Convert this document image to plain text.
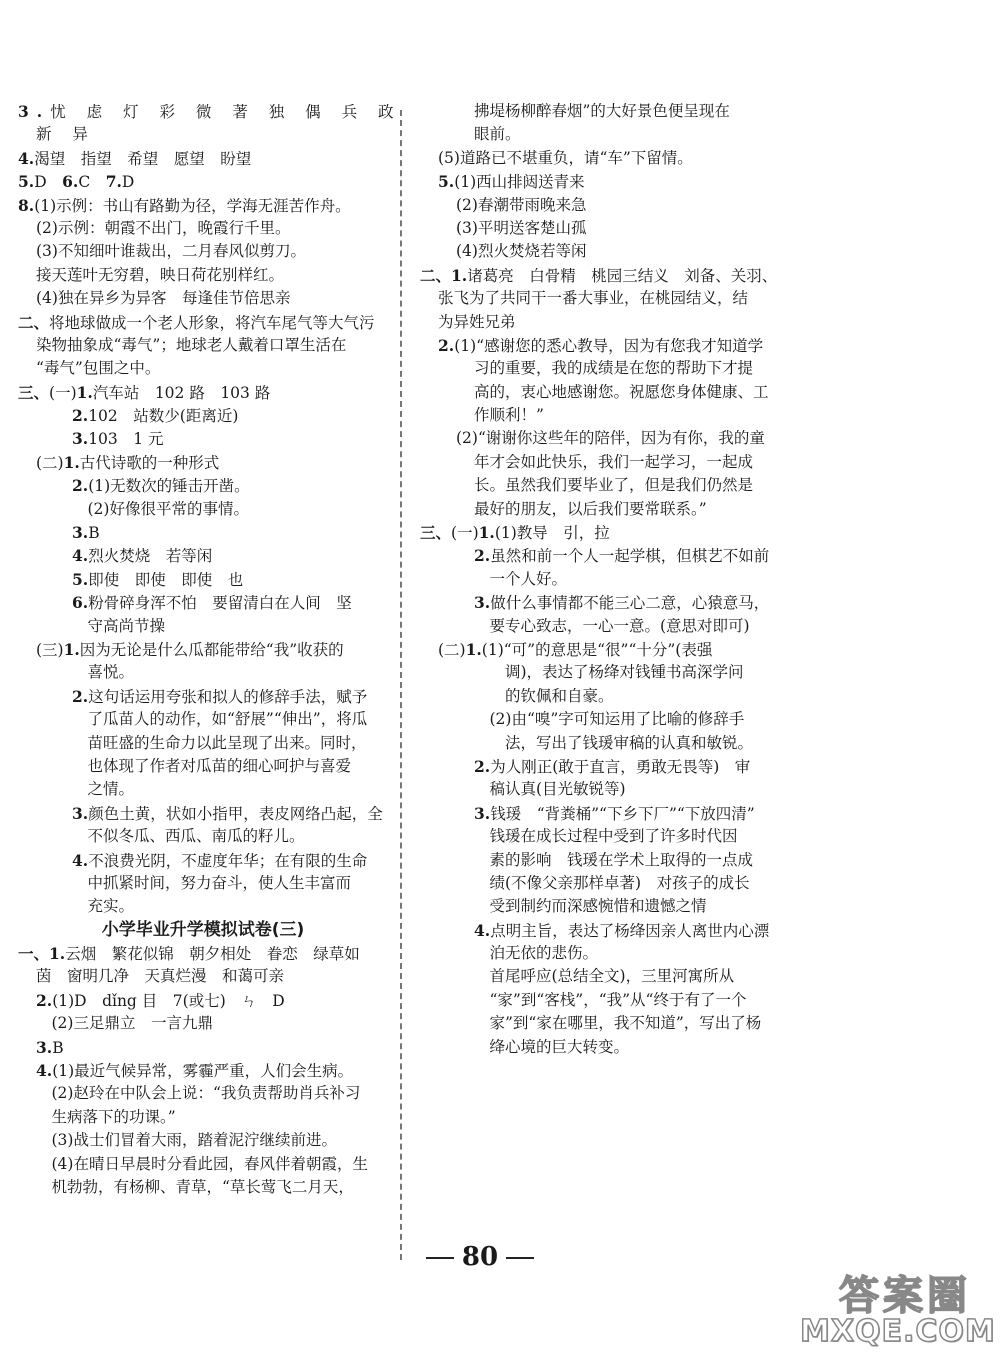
3.忧 虑 灯 彩 微 著 独 偶 兵 政
新 异
4.渴望　指望　希望　愿望　盼望
5.D　6.C　7.D
8.(1)示例：书山有路勤为径，学海无涯苦作舟。
(2)示例：朝霞不出门，晚霞行千里。
(3)不知细叶谁裁出，二月春风似剪刀。
接天莲叶无穷碧，映日荷花别样红。
(4)独在异乡为异客　每逢佳节倍思亲
二、将地球做成一个老人形象，将汽车尾气等大气污
染物抽象成“毒气”；地球老人戴着口罩生活在
“毒气”包围之中。
三、(一)1.汽车站　102 路　103 路
2.102　站数少(距离近)
3.103　1 元
(二)1.古代诗歌的一种形式
2.(1)无数次的锤击开凿。
　(2)好像很平常的事情。
3.B
4.烈火焚烧　若等闲
5.即使　即使　即使　也
6.粉骨碎身浑不怕　要留清白在人间　坚
　守高尚节操
(三)1.因为无论是什么瓜都能带给“我”收获的
　喜悦。
2.这句话运用夸张和拟人的修辞手法，赋予
　了瓜苗人的动作，如“舒展”“伸出”，将瓜
　苗旺盛的生命力以此呈现了出来。同时，
　也体现了作者对瓜苗的细心呵护与喜爱
　之情。
3.颜色土黄，状如小指甲，表皮网络凸起，全
　不似冬瓜、西瓜、南瓜的籽儿。
4.不浪费光阴，不虚度年华；在有限的生命
　中抓紧时间，努力奋斗，使人生丰富而
　充实。
小学毕业升学模拟试卷(三)
一、1.云烟　繁花似锦　朝夕相处　眷恋　绿草如
茵　窗明几净　天真烂漫　和蔼可亲
2.(1)D　dǐng 目　7(或七)　ㄣ　D
　(2)三足鼎立　一言九鼎
3.B
4.(1)最近气候异常，雾霾严重，人们会生病。
　(2)赵玲在中队会上说：“我负责帮助肖兵补习
　生病落下的功课。”
　(3)战士们冒着大雨，踏着泥泞继续前进。
　(4)在晴日早晨时分看此园，春风伴着朝霞，生
　机勃勃，有杨柳、青草，“草长莺飞二月天，
拂堤杨柳醉春烟”的大好景色便呈现在
眼前。
(5)道路已不堪重负，请“车”下留情。
5.(1)西山排闼送青来
(2)春潮带雨晚来急
(3)平明送客楚山孤
(4)烈火焚烧若等闲
二、1.诸葛亮　白骨精　桃园三结义　刘备、关羽、
张飞为了共同干一番大事业，在桃园结义，结
为异姓兄弟
2.(1)“感谢您的悉心教导，因为有您我才知道学
习的重要，我的成绩是在您的帮助下才提
高的，衷心地感谢您。祝愿您身体健康、工
作顺利！”
(2)“谢谢你这些年的陪伴，因为有你，我的童
年才会如此快乐，我们一起学习，一起成
长。虽然我们要毕业了，但是我们仍然是
最好的朋友，以后我们要常联系。”
三、(一)1.(1)教导　引，拉
2.虽然和前一个人一起学棋，但棋艺不如前
　一个人好。
3.做什么事情都不能三心二意，心猿意马，
　要专心致志，一心一意。(意思对即可)
(二)1.(1)“可”的意思是“很”“十分”(表强
　　调)，表达了杨绛对钱锺书高深学问
　　的钦佩和自豪。
　(2)由“嗅”字可知运用了比喻的修辞手
　　法，写出了钱瑗审稿的认真和敏锐。
2.为人刚正(敢于直言，勇敢无畏等)　审
　稿认真(目光敏锐等)
3.钱瑗　“背粪桶”“下乡下厂”“下放四清”
　钱瑗在成长过程中受到了许多时代因
　素的影响　钱瑗在学术上取得的一点成
　绩(不像父亲那样卓著)　对孩子的成长
　受到制约而深感惋惜和遗憾之情
4.点明主旨，表达了杨绛因亲人离世内心漂
　泊无依的悲伤。
　首尾呼应(总结全文)，三里河寓所从
　“家”到“客栈”，“我”从“终于有了一个
　家”到“家在哪里，我不知道”，写出了杨
　绛心境的巨大转变。
80
答案圈
MXQE.COM
